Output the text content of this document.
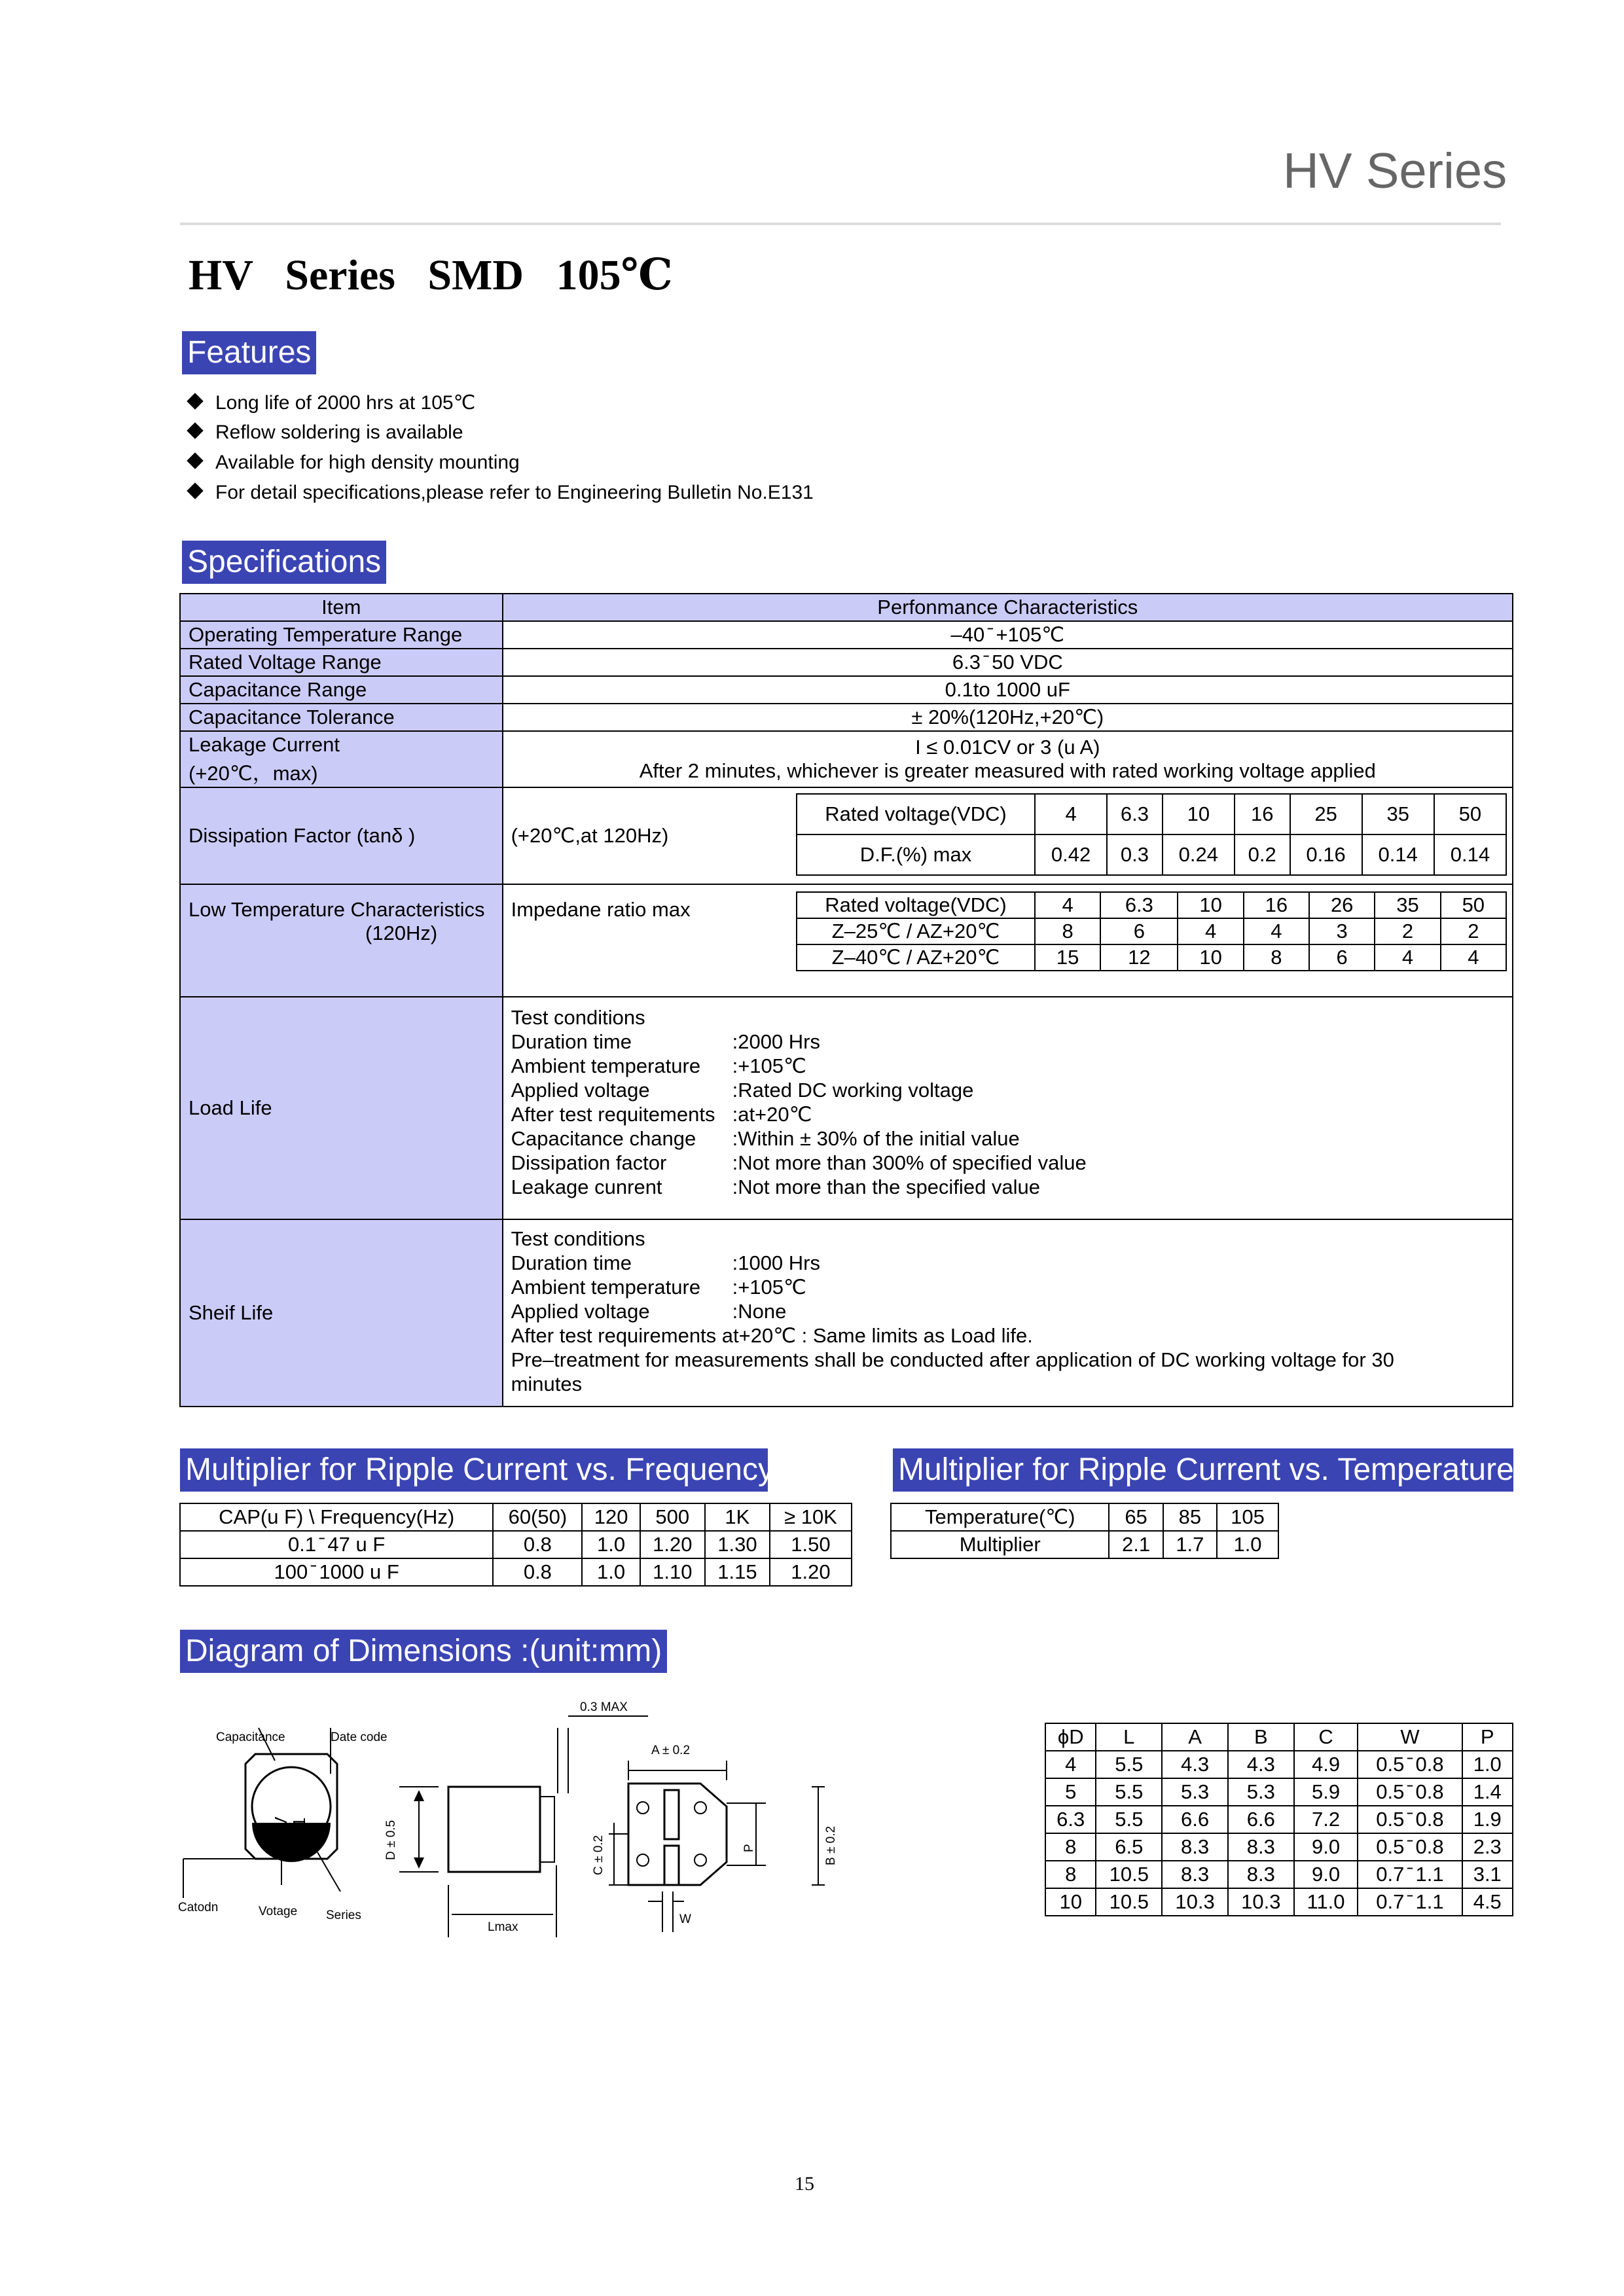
HV Series
HV   Series   SMD   105℃
Features
Long life of 2000 hrs at 105℃
Reflow soldering is available
Available for high density mounting
For detail specifications,please refer to Engineering Bulletin No.E131
Specifications
Item	Perfonmance Characteristics
Operating Temperature Range	–40 ̄ +105℃
Rated Voltage Range	6.3 ̄ 50 VDC
Capacitance Range	0.1to 1000 uF
Capacitance Tolerance	± 20%(120Hz,+20℃)

Leakage Current
(+20℃，max)

I ≤ 0.01CV or 3 (u A)
After 2 minutes, whichever is greater measured with rated working voltage applied

Dissipation Factor (tanδ )	(+20℃,at 120Hz)	
Rated voltage(VDC)	4	6.3	10	16	25	35	50
D.F.(%) max	0.42	0.3	0.24	0.2	0.16	0.14	0.14

Low Temperature Characteristics
(120Hz)
	Impedane ratio max		Rated voltage(VDC)	4	6.3	10	16	26	35	50
Z–25℃ / AZ+20℃	8	6	4	4	3	2	2
Z–40℃ / AZ+20℃	15	12	10	8	6	4	4

Load Life	
Test conditions
Duration time	:2000 Hrs
Ambient temperature	:+105℃
Applied voltage	:Rated DC working voltage
After test requitements	:at+20℃
Capacitance change	:Within ± 30% of the initial value
Dissipation factor	:Not more than 300% of specified value
Leakage cunrent	:Not more than the specified value

Sheif Life	
Test conditions
Duration time	:1000 Hrs
Ambient temperature	:+105℃
Applied voltage	:None
After test requirements at+20℃ : Same limits as Load life.
Pre–treatment for measurements shall be conducted after application of DC working voltage for 30
minutes
Multiplier for Ripple Current vs. Frequency
CAP(u F) \ Frequency(Hz)	60(50)	120	500	1K	≥ 10K
0.1 ̄ 47 u F	0.8	1.0	1.20	1.30	1.50
100 ̄ 1000 u F	0.8	1.0	1.10	1.15	1.20
Multiplier for Ripple Current vs. Temperature
Temperature(℃)	65	85	105
Multiplier	2.1	1.7	1.0
Diagram of Dimensions :(unit:mm)
10
18V
L01
Capacitance	Date code
Catodn	Votage Series
D ± 0.5
Lmax
0.3 MAX
A ± 0.2
C ± 0.2	P	B ± 0.2
W
ϕD	L	A	B	C	W	P
4	5.5	4.3	4.3	4.9	0.5 ̄ 0.8	1.0
5	5.5	5.3	5.3	5.9	0.5 ̄ 0.8	1.4
6.3	5.5	6.6	6.6	7.2	0.5 ̄ 0.8	1.9
8	6.5	8.3	8.3	9.0	0.5 ̄ 0.8	2.3
8	10.5	8.3	8.3	9.0	0.7 ̄ 1.1	3.1
10	10.5	10.3	10.3	11.0	0.7 ̄ 1.1	4.5
15
